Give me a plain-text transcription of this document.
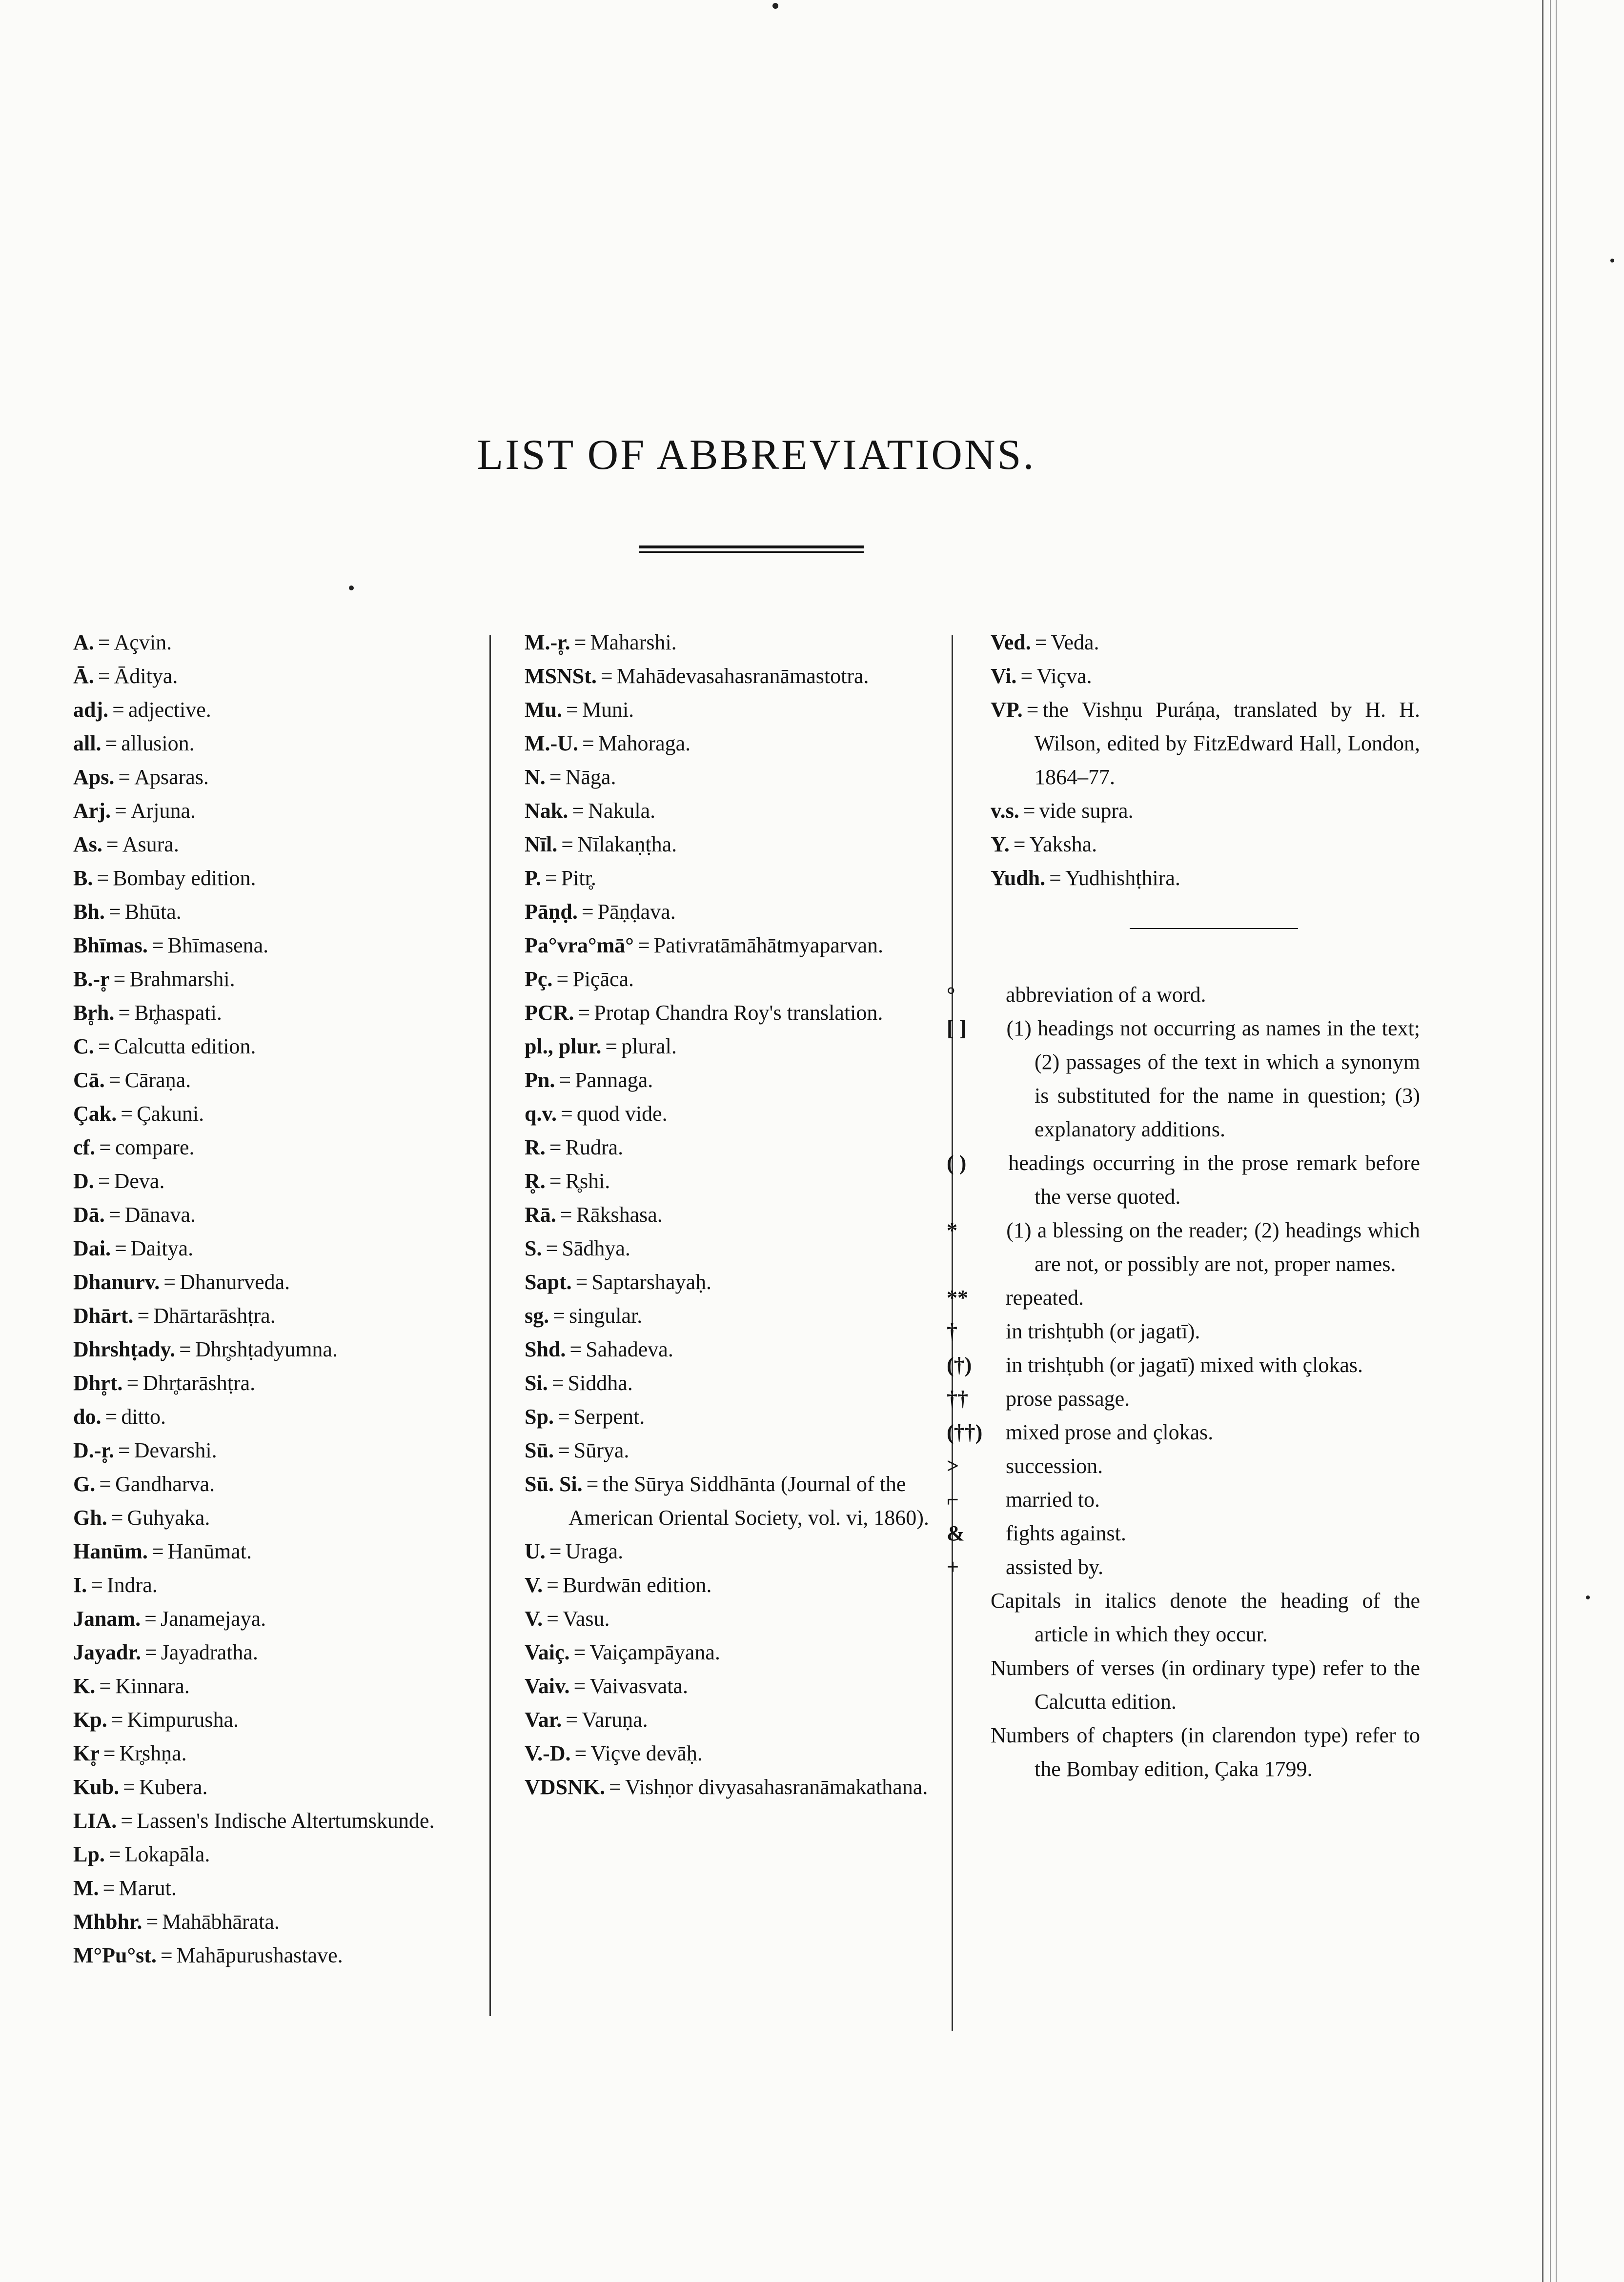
LIST OF ABBREVIATIONS.
A. = Açvin.
Ā. = Āditya.
adj. = adjective.
all. = allusion.
Aps. = Apsaras.
Arj. = Arjuna.
As. = Asura.
B. = Bombay edition.
Bh. = Bhūta.
Bhīmas. = Bhīmasena.
B.-r̥ = Brahmarshi.
Br̥h. = Br̥haspati.
C. = Calcutta edition.
Cā. = Cāraṇa.
Çak. = Çakuni.
cf. = compare.
D. = Deva.
Dā. = Dānava.
Dai. = Daitya.
Dhanurv. = Dhanurveda.
Dhārt. = Dhārtarāshṭra.
Dhrshṭady. = Dhr̥shṭadyumna.
Dhr̥t. = Dhr̥tarāshṭra.
do. = ditto.
D.-r̥. = Devarshi.
G. = Gandharva.
Gh. = Guhyaka.
Hanūm. = Hanūmat.
I. = Indra.
Janam. = Janamejaya.
Jayadr. = Jayadratha.
K. = Kinnara.
Kp. = Kimpurusha.
Kr̥ = Kr̥shṇa.
Kub. = Kubera.
LIA. = Lassen's Indische Altertumskunde.
Lp. = Lokapāla.
M. = Marut.
Mhbhr. = Mahābhārata.
M°Pu°st. = Mahāpurushastave.
M.-r̥. = Maharshi.
MSNSt. = Mahādevasahasranāmastotra.
Mu. = Muni.
M.-U. = Mahoraga.
N. = Nāga.
Nak. = Nakula.
Nīl. = Nīlakaṇṭha.
P. = Pitr̥.
Pāṇḍ. = Pāṇḍava.
Pa°vra°mā° = Pativratāmāhātmyaparvan.
Pç. = Piçāca.
PCR. = Protap Chandra Roy's translation.
pl., plur. = plural.
Pn. = Pannaga.
q.v. = quod vide.
R. = Rudra.
R̥. = R̥shi.
Rā. = Rākshasa.
S. = Sādhya.
Sapt. = Saptarshayaḥ.
sg. = singular.
Shd. = Sahadeva.
Si. = Siddha.
Sp. = Serpent.
Sū. = Sūrya.
Sū. Si. = the Sūrya Siddhānta (Journal of the American Oriental Society, vol. vi, 1860).
U. = Uraga.
V. = Burdwān edition.
V. = Vasu.
Vaiç. = Vaiçampāyana.
Vaiv. = Vaivasvata.
Var. = Varuṇa.
V.-D. = Viçve devāḥ.
VDSNK. = Vishṇor divyasahasranāmakathana.
Ved. = Veda.
Vi. = Viçva.
VP. = the Vishṇu Puráṇa, translated by H. H. Wilson, edited by FitzEdward Hall, London, 1864–77.
v.s. = vide supra.
Y. = Yaksha.
Yudh. = Yudhishṭhira.
° abbreviation of a word.
[ ] (1) headings not occurring as names in the text; (2) passages of the text in which a synonym is substituted for the name in question; (3) explanatory additions.
( ) headings occurring in the prose remark before the verse quoted.
* (1) a blessing on the reader; (2) headings which are not, or possibly are not, proper names.
** repeated.
† in trishṭubh (or jagatī).
(†) in trishṭubh (or jagatī) mixed with çlokas.
†† prose passage.
(††) mixed prose and çlokas.
> succession.
⌐ married to.
& fights against.
+ assisted by.
Capitals in italics denote the heading of the article in which they occur.
Numbers of verses (in ordinary type) refer to the Calcutta edition.
Numbers of chapters (in clarendon type) refer to the Bombay edition, Çaka 1799.
